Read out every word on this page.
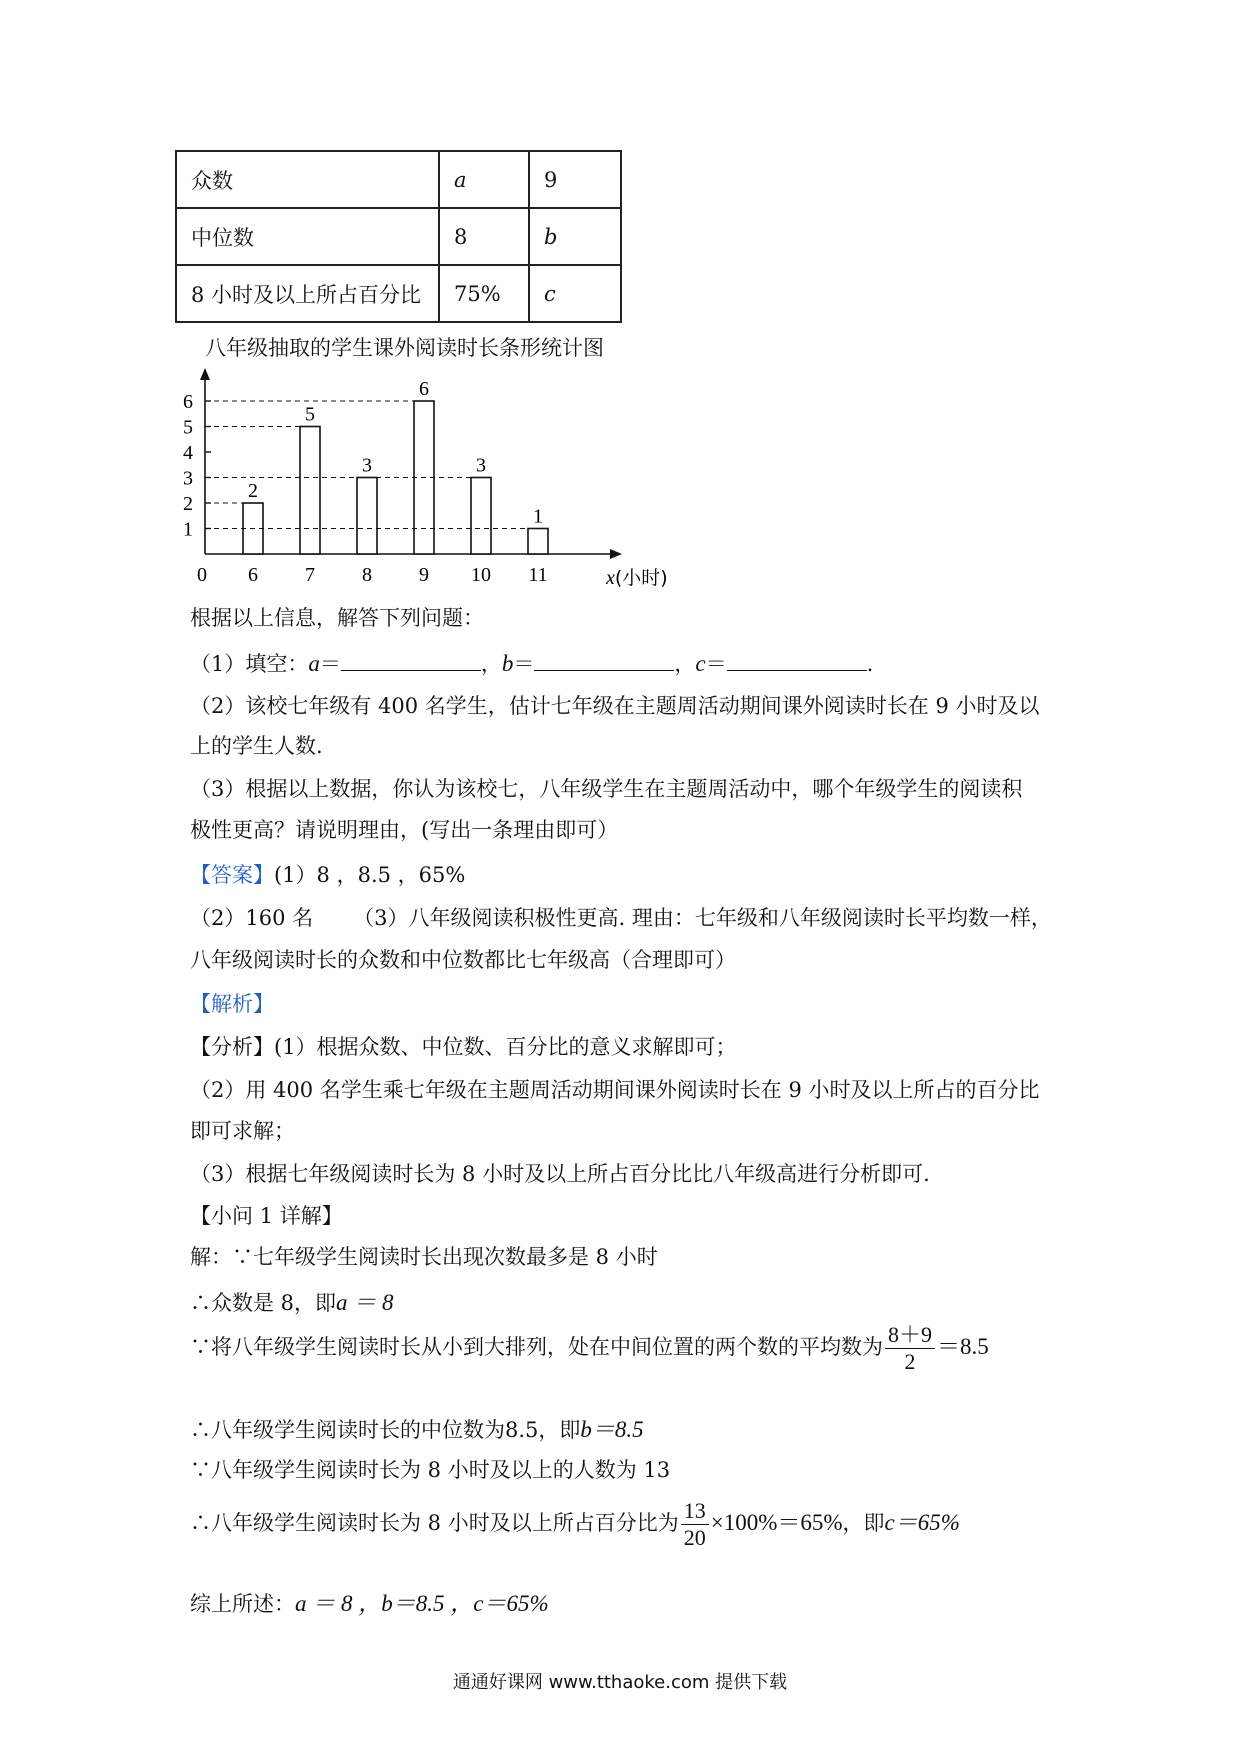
众数	a	9
中位数	8	b
8 小时及以上所占百分比	75%	c
八年级抽取的学生课外阅读时长条形统计图
1
2
3
4
5
6
0
2
6
5
7
3
8
6
9
3
10
1
11	x(小时)
根据以上信息，解答下列问题：
（1）填空：a＝	，b＝	，c＝	.
（2）该校七年级有 400 名学生，估计七年级在主题周活动期间课外阅读时长在 9 小时及以
上的学生人数.
（3）根据以上数据，你认为该校七，八年级学生在主题周活动中，哪个年级学生的阅读积
极性更高？请说明理由，(写出一条理由即可）
【答案】(1）8 ，8.5 ，65%
（2）160 名 （3）八年级阅读积极性更高. 理由：七年级和八年级阅读时长平均数一样，
八年级阅读时长的众数和中位数都比七年级高（合理即可）
【解析】
【分析】(1）根据众数、中位数、百分比的意义求解即可；
（2）用 400 名学生乘七年级在主题周活动期间课外阅读时长在 9 小时及以上所占的百分比
即可求解；
（3）根据七年级阅读时长为 8 小时及以上所占百分比比八年级高进行分析即可.
【小问 1 详解】
解：∵七年级学生阅读时长出现次数最多是 8 小时
∴众数是 8，即a ＝ 8
∵将八年级学生阅读时长从小到大排列，处在中间位置的两个数的平均数为 $\frac{8+9}{2} =8.5$
∴八年级学生阅读时长的中位数为8.5，即b＝8.5
∵八年级学生阅读时长为 8 小时及以上的人数为 13
∴八年级学生阅读时长为 8 小时及以上所占百分比为 $\frac{13}{20} \times 100\%=65\%$，即c＝65%
综上所述：a ＝ 8 ，b＝8.5 ，c＝65%
通通好课网 www.tthaoke.com 提供下载
